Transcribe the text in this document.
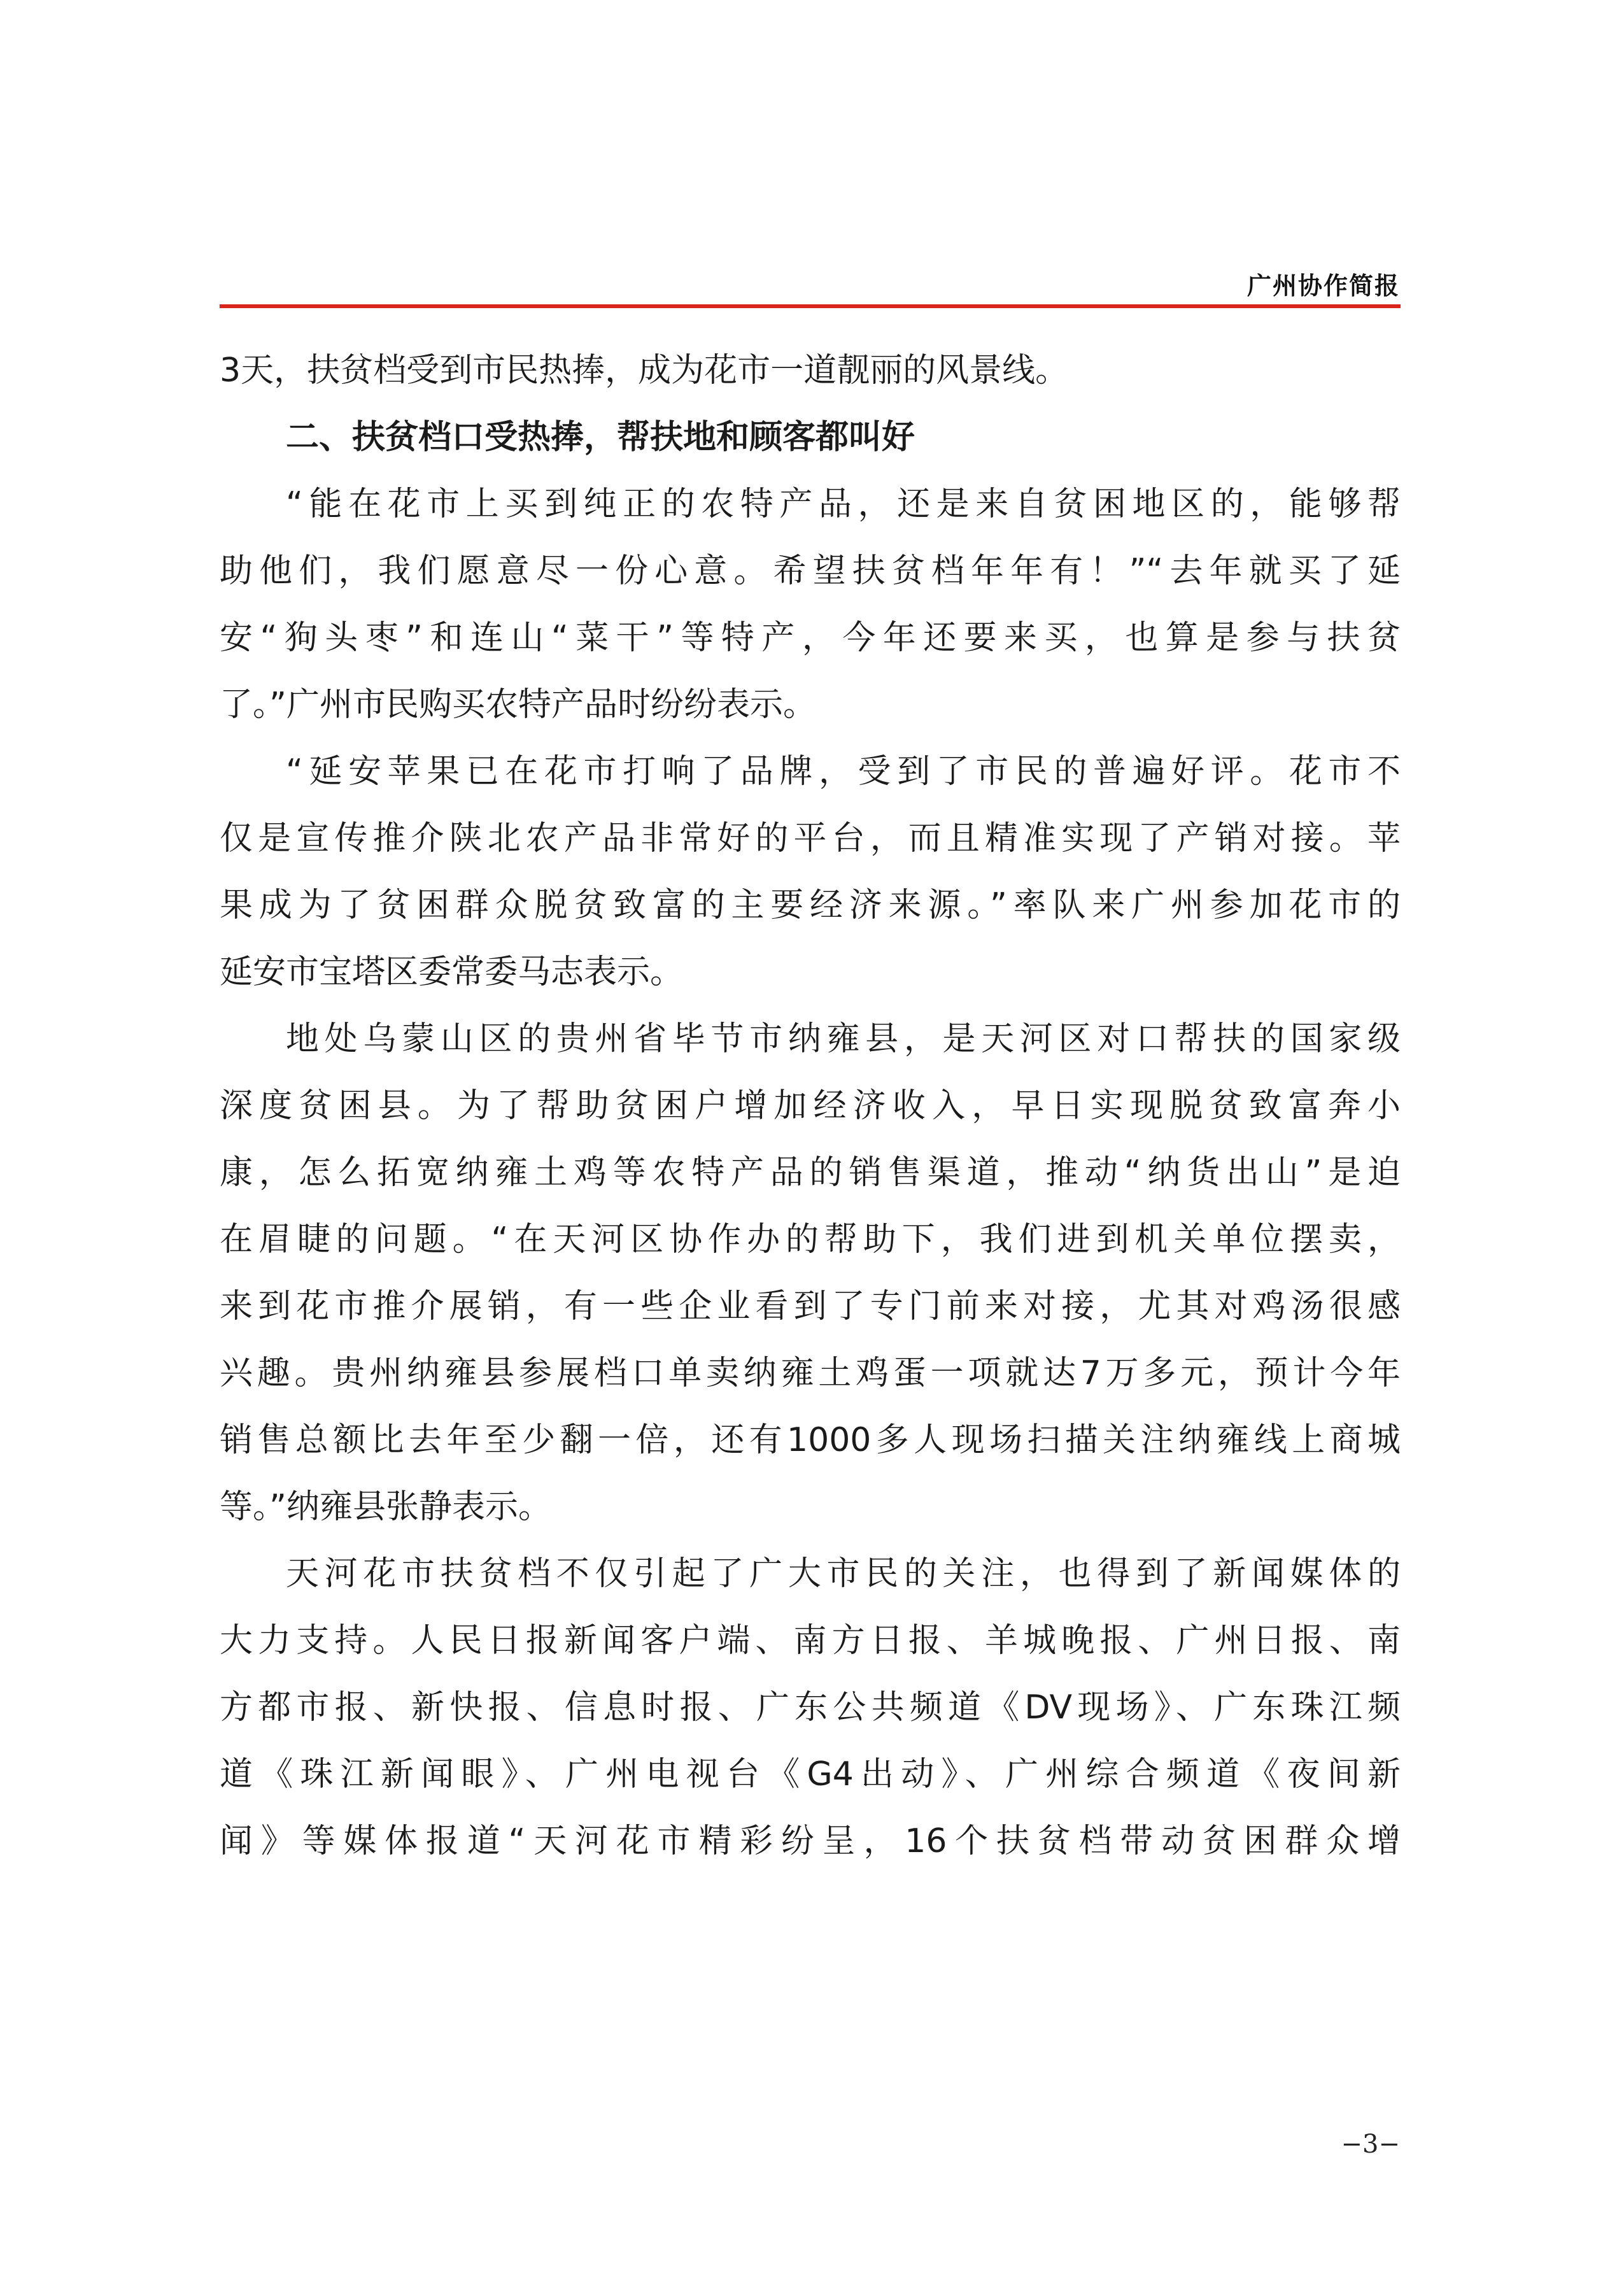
广州协作简报
3天，扶贫档受到市民热捧，成为花市一道靓丽的风景线。
二、扶贫档口受热捧，帮扶地和顾客都叫好
“能在花市上买到纯正的农特产品，还是来自贫困地区的，能够帮
助他们，我们愿意尽一份心意。希望扶贫档年年有！”“去年就买了延
安“狗头枣”和连山“菜干”等特产，今年还要来买，也算是参与扶贫
了。”广州市民购买农特产品时纷纷表示。
“延安苹果已在花市打响了品牌，受到了市民的普遍好评。花市不
仅是宣传推介陕北农产品非常好的平台，而且精准实现了产销对接。苹
果成为了贫困群众脱贫致富的主要经济来源。”率队来广州参加花市的
延安市宝塔区委常委马志表示。
地处乌蒙山区的贵州省毕节市纳雍县，是天河区对口帮扶的国家级
深度贫困县。为了帮助贫困户增加经济收入，早日实现脱贫致富奔小
康，怎么拓宽纳雍土鸡等农特产品的销售渠道，推动“纳货出山”是迫
在眉睫的问题。“在天河区协作办的帮助下，我们进到机关单位摆卖，
来到花市推介展销，有一些企业看到了专门前来对接，尤其对鸡汤很感
兴趣。贵州纳雍县参展档口单卖纳雍土鸡蛋一项就达7万多元，预计今年
销售总额比去年至少翻一倍，还有1000多人现场扫描关注纳雍线上商城
等。”纳雍县张静表示。
天河花市扶贫档不仅引起了广大市民的关注，也得到了新闻媒体的
大力支持。人民日报新闻客户端、南方日报、羊城晚报、广州日报、南
方都市报、新快报、信息时报、广东公共频道《DV现场》、广东珠江频
道《珠江新闻眼》、广州电视台《G4出动》、广州综合频道《夜间新
闻》等媒体报道“天河花市精彩纷呈，16个扶贫档带动贫困群众增
−3−
